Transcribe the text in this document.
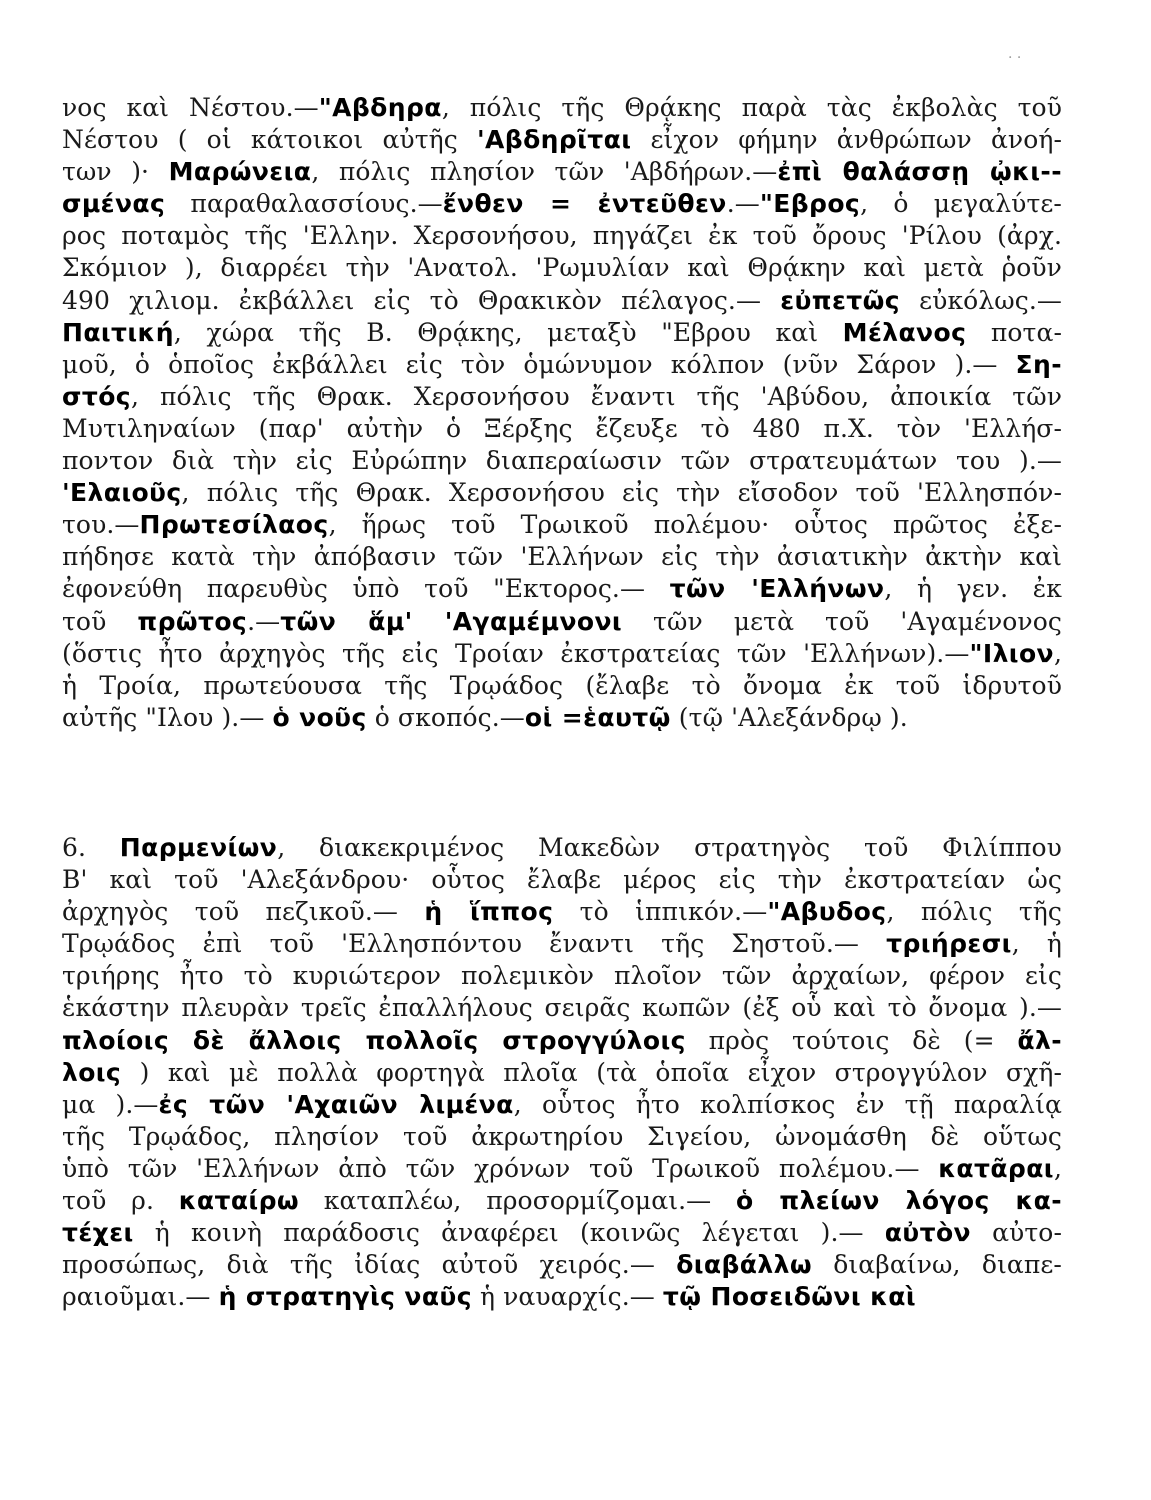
· ·
νος καὶ Νέστου.—"Αβδηρα, πόλις τῆς Θρᾴκης παρὰ τὰς ἐκβολὰς τοῦ
Νέστου ( οἱ κάτοικοι αὐτῆς 'Αβδηρῖται εἶχον φήμην ἀνθρώπων ἀνοή-
των )· Μαρώνεια, πόλις πλησίον τῶν 'Αβδήρων.—ἐπὶ θαλάσσῃ ᾠκι--
σμένας παραθαλασσίους.—ἔνθεν = ἐντεῦθεν.—"Εβρος, ὁ μεγαλύτε-
ρος ποταμὸς τῆς 'Ελλην. Χερσονήσου, πηγάζει ἐκ τοῦ ὄρους 'Ρίλου (ἀρχ.
Σκόμιον ), διαρρέει τὴν 'Ανατολ. 'Ρωμυλίαν καὶ Θρᾴκην καὶ μετὰ ῥοῦν
490 χιλιομ. ἐκβάλλει εἰς τὸ Θρακικὸν πέλαγος.— εὐπετῶς εὐκόλως.—
Παιτική, χώρα τῆς Β. Θρᾴκης, μεταξὺ "Εβρου καὶ Μέλανος ποτα-
μοῦ, ὁ ὁποῖος ἐκβάλλει εἰς τὸν ὁμώνυμον κόλπον (νῦν Σάρον ).— Ση-
στός, πόλις τῆς Θρακ. Χερσονήσου ἔναντι τῆς 'Αβύδου, ἀποικία τῶν
Μυτιληναίων (παρ' αὐτὴν ὁ Ξέρξης ἔζευξε τὸ 480 π.Χ. τὸν 'Ελλήσ-
ποντον διὰ τὴν εἰς Εὐρώπην διαπεραίωσιν τῶν στρατευμάτων του ).—
'Ελαιοῦς, πόλις τῆς Θρακ. Χερσονήσου εἰς τὴν εἴσοδον τοῦ 'Ελλησπόν-
του.—Πρωτεσίλαος, ἥρως τοῦ Τρωικοῦ πολέμου· οὗτος πρῶτος ἐξε-
πήδησε κατὰ τὴν ἀπόβασιν τῶν 'Ελλήνων εἰς τὴν ἀσιατικὴν ἀκτὴν καὶ
ἐφονεύθη παρευθὺς ὑπὸ τοῦ "Εκτορος.— τῶν 'Ελλήνων, ἡ γεν. ἐκ
τοῦ πρῶτος.—τῶν ἅμ' 'Αγαμέμνονι τῶν μετὰ τοῦ 'Αγαμένονος
(ὅστις ἦτο ἀρχηγὸς τῆς εἰς Τροίαν ἐκστρατείας τῶν 'Ελλήνων).—"Ιλιον,
ἡ Τροία, πρωτεύουσα τῆς Τρῳάδος (ἔλαβε τὸ ὄνομα ἐκ τοῦ ἱδρυτοῦ
αὐτῆς "Ιλου ).— ὁ νοῦς ὁ σκοπός.—οἱ =ἑαυτῷ (τῷ 'Αλεξάνδρῳ ).
6. Παρμενίων, διακεκριμένος Μακεδὼν στρατηγὸς τοῦ Φιλίππου
Β' καὶ τοῦ 'Αλεξάνδρου· οὗτος ἔλαβε μέρος εἰς τὴν ἐκστρατείαν ὡς
ἀρχηγὸς τοῦ πεζικοῦ.— ἡ ἵππος τὸ ἱππικόν.—"Αβυδος, πόλις τῆς
Τρῳάδος ἐπὶ τοῦ 'Ελλησπόντου ἔναντι τῆς Σηστοῦ.— τριήρεσι, ἡ
τριήρης ἦτο τὸ κυριώτερον πολεμικὸν πλοῖον τῶν ἀρχαίων, φέρον εἰς
ἑκάστην πλευρὰν τρεῖς ἐπαλλήλους σειρᾶς κωπῶν (ἐξ οὗ καὶ τὸ ὄνομα ).—
πλοίοις δὲ ἄλλοις πολλοῖς στρογγύλοις πρὸς τούτοις δὲ (= ἄλ-
λοις ) καὶ μὲ πολλὰ φορτηγὰ πλοῖα (τὰ ὁποῖα εἶχον στρογγύλον σχῆ-
μα ).—ἐς τῶν 'Αχαιῶν λιμένα, οὗτος ἦτο κολπίσκος ἐν τῇ παραλίᾳ
τῆς Τρῳάδος, πλησίον τοῦ ἀκρωτηρίου Σιγείου, ὠνομάσθη δὲ οὕτως
ὑπὸ τῶν 'Ελλήνων ἀπὸ τῶν χρόνων τοῦ Τρωικοῦ πολέμου.— κατᾶραι,
τοῦ ρ. καταίρω καταπλέω, προσορμίζομαι.— ὁ πλείων λόγος κα-
τέχει ἡ κοινὴ παράδοσις ἀναφέρει (κοινῶς λέγεται ).— αὐτὸν αὐτο-
προσώπως, διὰ τῆς ἰδίας αὐτοῦ χειρός.— διαβάλλω διαβαίνω, διαπε-
ραιοῦμαι.— ἡ στρατηγὶς ναῦς ἡ ναυαρχίς.— τῷ Ποσειδῶνι καὶ
